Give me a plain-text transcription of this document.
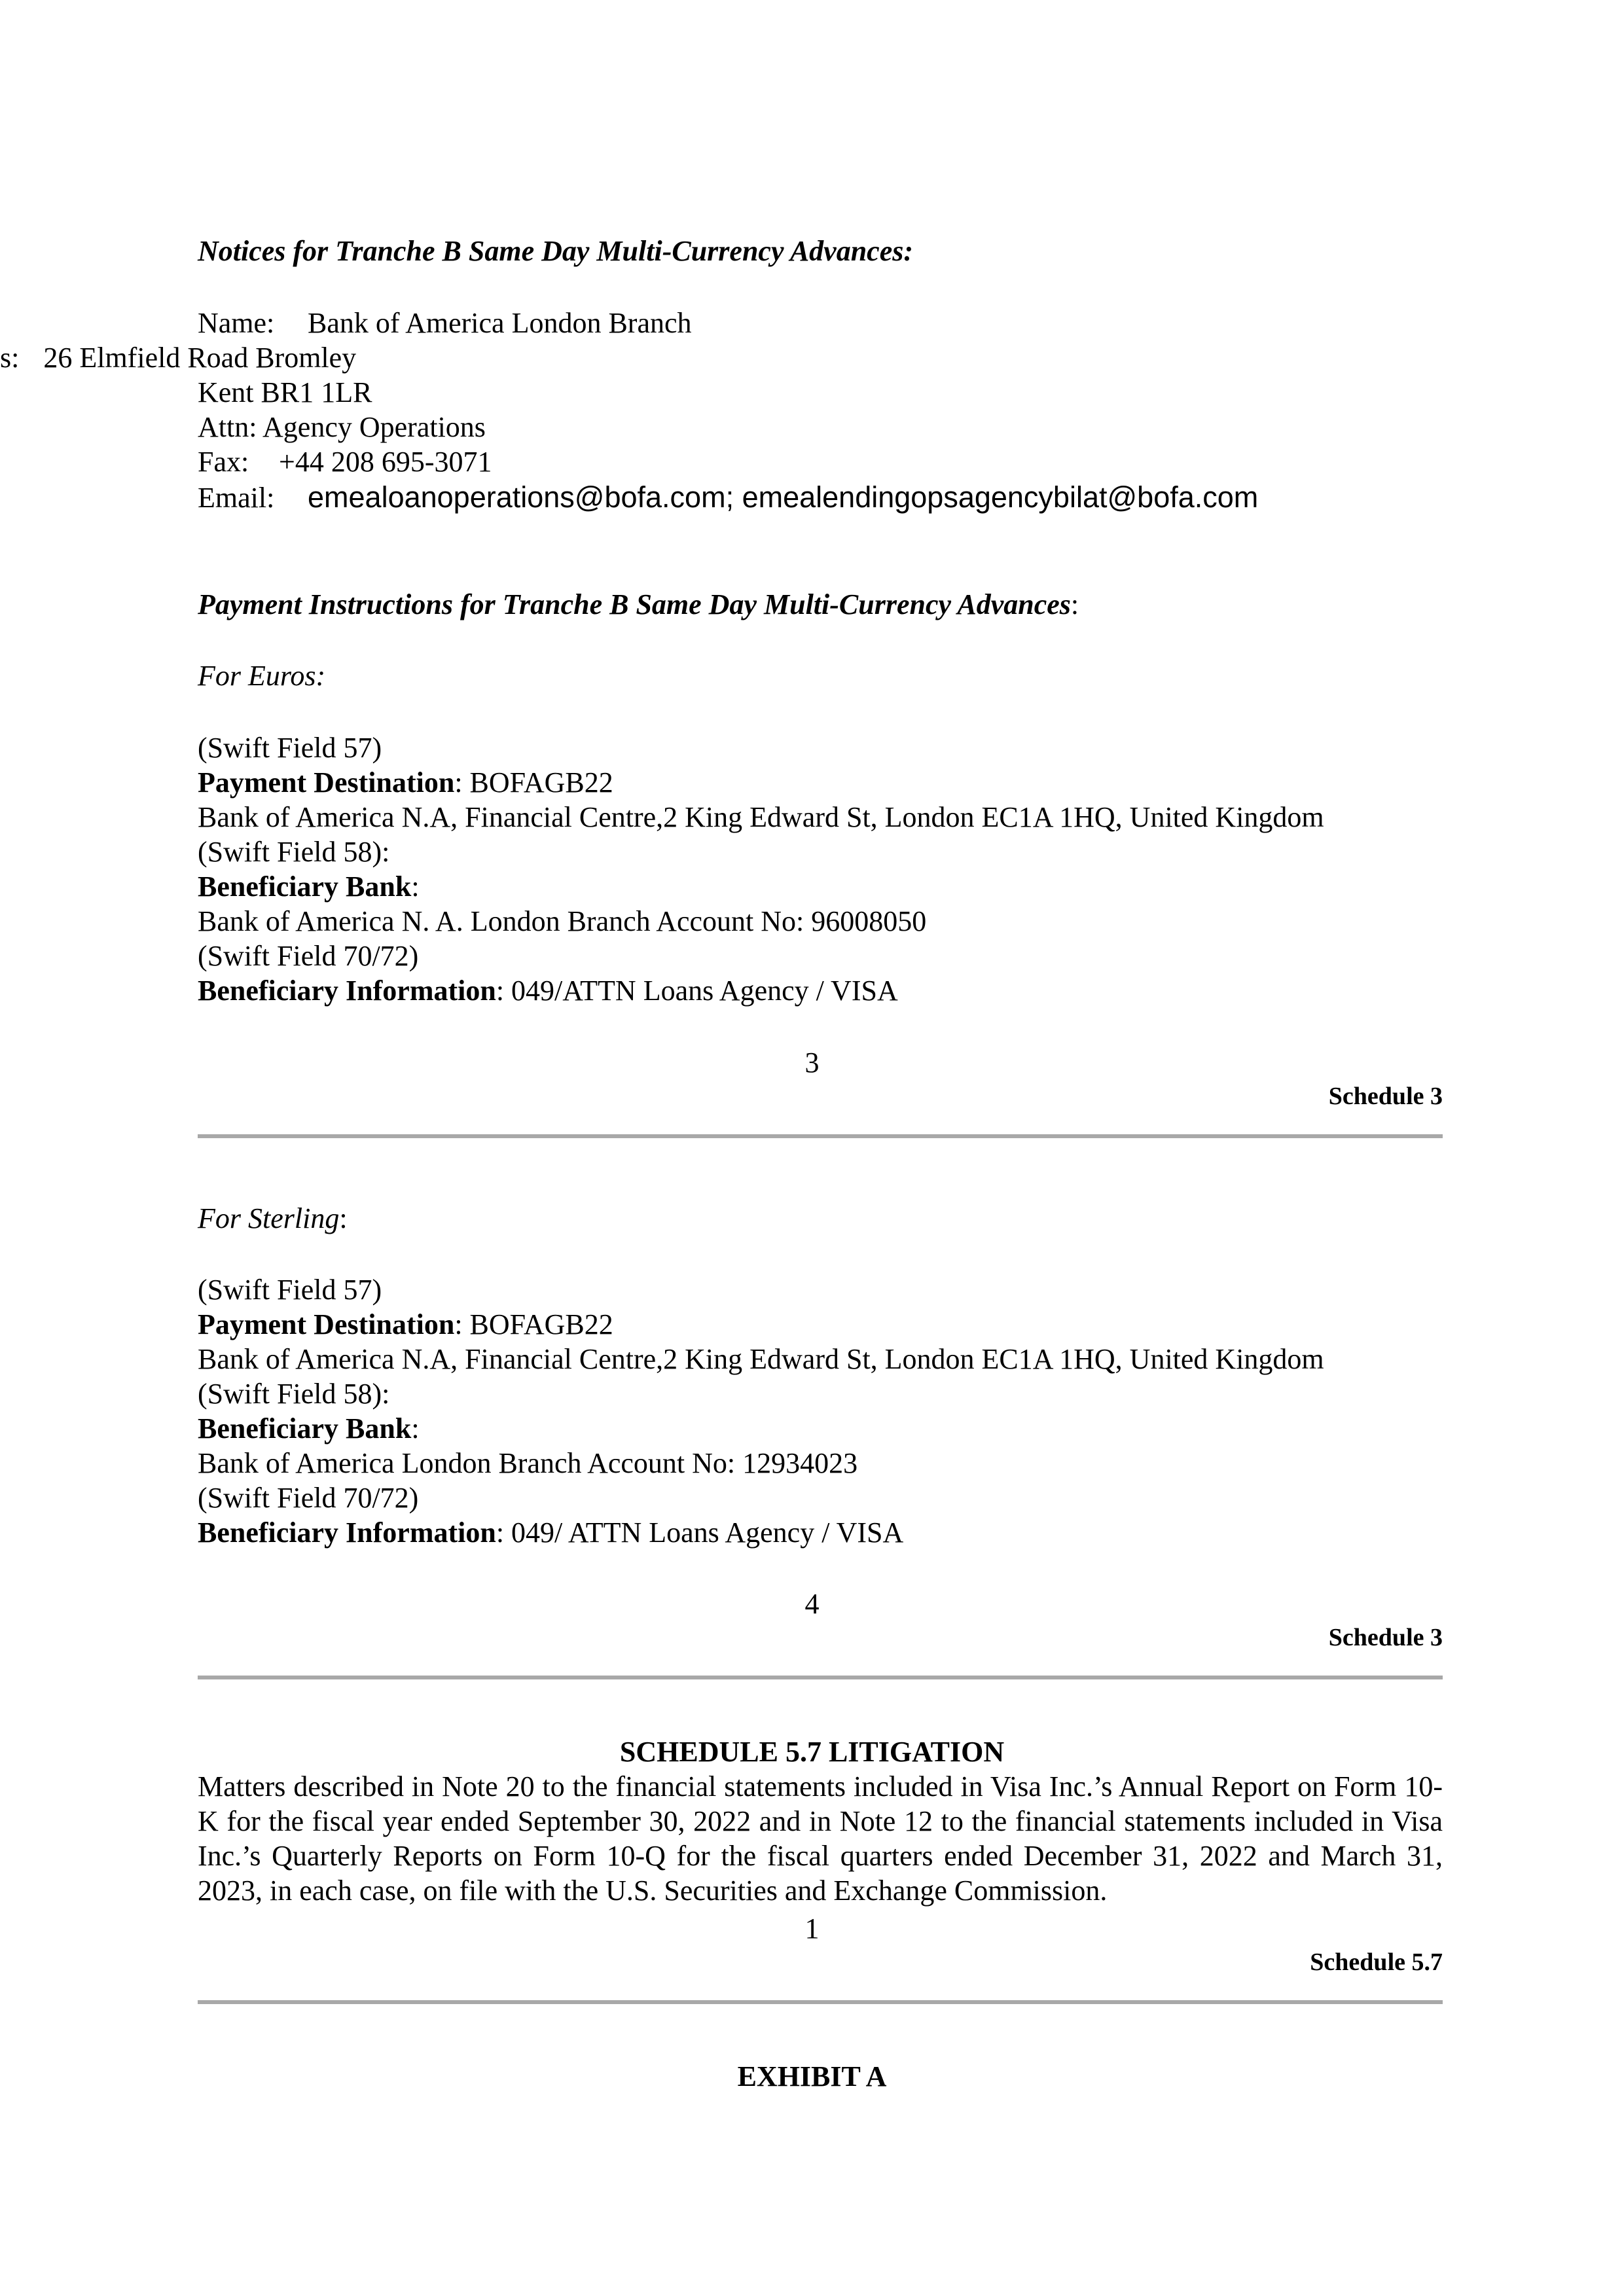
Notices for Tranche B Same Day Multi-Currency Advances:

Name: Bank of America London Branch

s: 26 Elmfield Road Bromley

Kent BR1 1LR

Attn: Agency Operations

Fax: +44 208 695-3071

Email: emealoanoperations@bofa.com; emealendingopsagencybilat@bofa.com

Payment Instructions for Tranche B Same Day Multi-Currency Advances:

For Euros:

(Swift Field 57)

Payment Destination: BOFAGB22

Bank of America N.A, Financial Centre,2 King Edward St, London EC1A 1HQ, United Kingdom

(Swift Field 58):

Beneficiary Bank:

Bank of America N. A. London Branch Account No: 96008050

(Swift Field 70/72)

Beneficiary Information: 049/ATTN Loans Agency / VISA

3

Schedule 3

For Sterling:

(Swift Field 57)

Payment Destination: BOFAGB22

Bank of America N.A, Financial Centre,2 King Edward St, London EC1A 1HQ, United Kingdom

(Swift Field 58):

Beneficiary Bank:

Bank of America London Branch Account No: 12934023

(Swift Field 70/72)

Beneficiary Information: 049/ ATTN Loans Agency / VISA

4

Schedule 3

SCHEDULE 5.7 LITIGATION

Matters described in Note 20 to the financial statements included in Visa Inc.’s Annual Report on Form 10-K for the fiscal year ended September 30, 2022 and in Note 12 to the financial statements included in Visa Inc.’s Quarterly Reports on Form 10-Q for the fiscal quarters ended December 31, 2022 and March 31, 2023, in each case, on file with the U.S. Securities and Exchange Commission.

1

Schedule 5.7

EXHIBIT A
